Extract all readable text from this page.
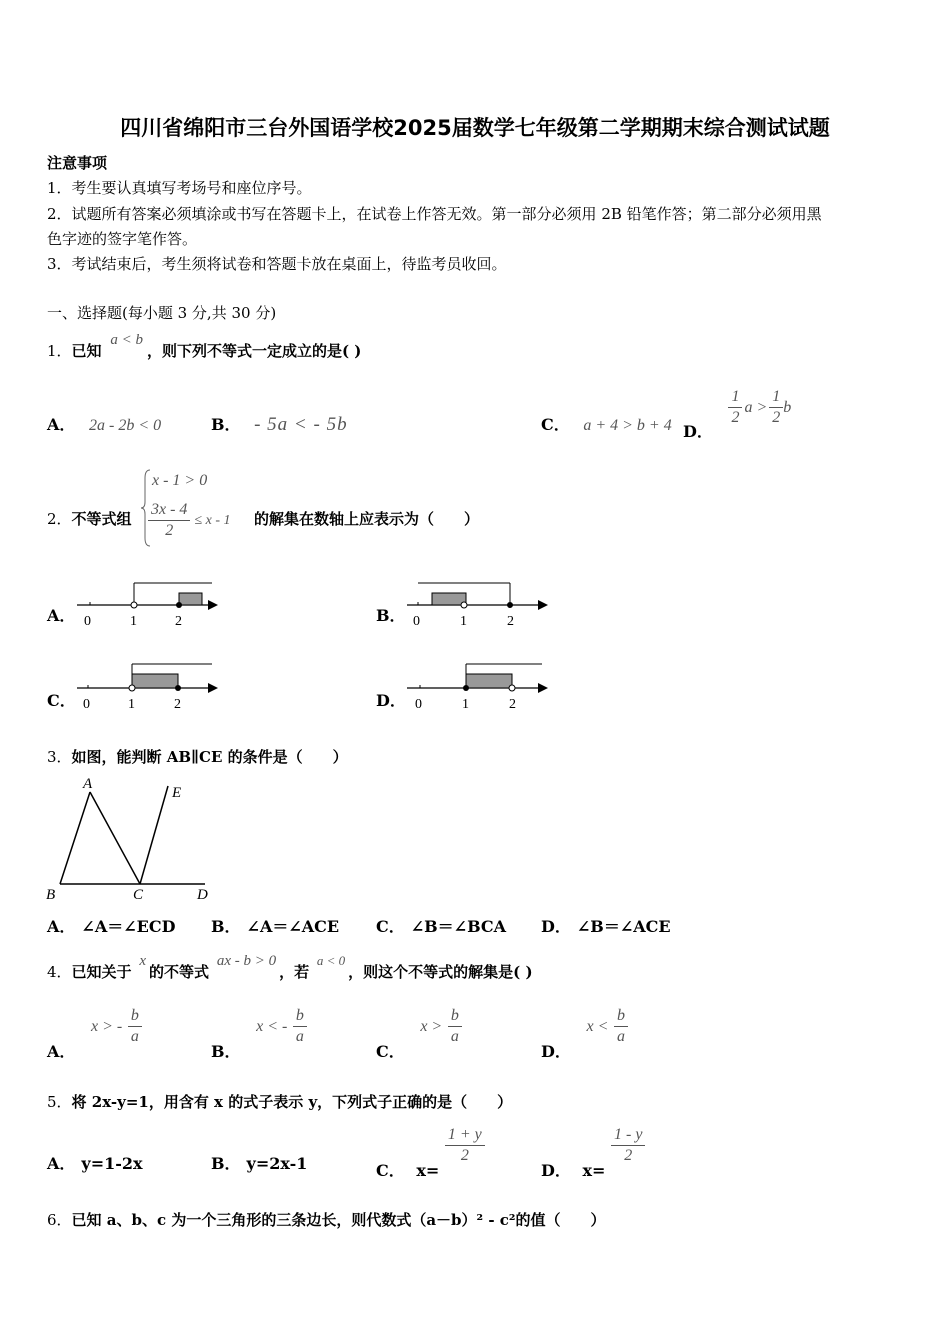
四川省绵阳市三台外国语学校2025届数学七年级第二学期期末综合测试试题
注意事项
1．考生要认真填写考场号和座位序号。
2．试题所有答案必须填涂或书写在答题卡上，在试卷上作答无效。第一部分必须用 2B 铅笔作答；第二部分必须用黑
色字迹的签字笔作答。
3．考试结束后，考生须将试卷和答题卡放在桌面上，待监考员收回。
一、选择题(每小题 3 分,共 30 分)
1．已知 a < b，则下列不等式一定成立的是( )
A． 2a - 2b < 0	B． - 5a < - 5b	C． a + 4 > b + 4 D．
$\frac{1}{2}$ $a > \frac{1}{2}$ b
2．不等式组
x - 1 > 0
$\frac{3x - 4}{2} \le x - 1$ 的解集在数轴上应表示为（　　）
A． 0	1	2	B． 0	1	2
C． 0	1	2	D． 0	1	2
3．如图，能判断 AB∥CE 的条件是（　　）
A
B	C	D
E
A． ∠A＝∠ECD B． ∠A＝∠ACE C． ∠B＝∠BCA D． ∠B＝∠ACE
4．已知关于 x的不等式 ax - b > 0，若 a < 0，则这个不等式的解集是( )
A． x > - $\frac{b}{a}$
B． x < - $\frac{b}{a}$
C． $x > \frac{b}{a}$
D． $x < \frac{b}{a}$
5．将 2x-y=1，用含有 x 的式子表示 y，下列式子正确的是（　　）
A． y=1-2x	B． y=2x-1	C． x=
$\frac{1 + y}{2}$
D． x=
$\frac{1 - y}{2}$
6．已知 a、b、c 为一个三角形的三条边长，则代数式（a－b）² - c²的值（　　）
